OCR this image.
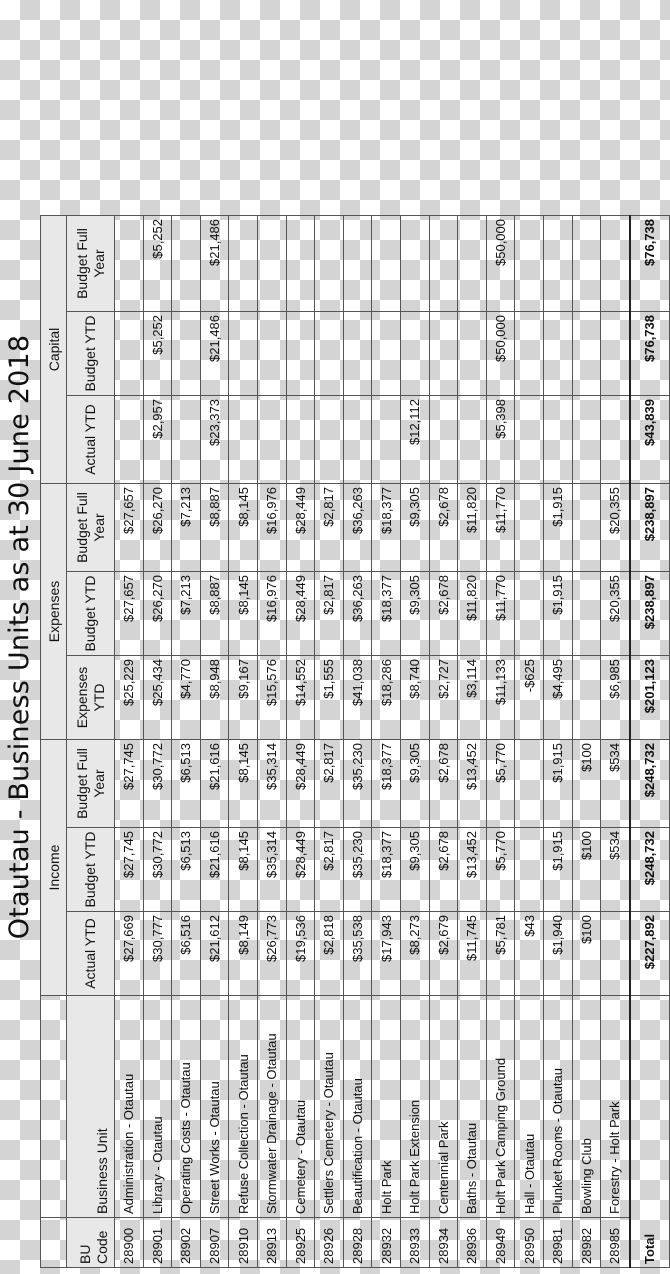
Otautau - Business Units as at 30 June 2018
		Income			Expenses			Capital		
BU Code	Business Unit	Actual YTD	Budget YTD	Budget Full Year	Expenses YTD	Budget YTD	Budget Full Year	Actual YTD	Budget YTD	Budget Full Year
28900	Administration - Otautau	$27,669	$27,745	$27,745	$25,229	$27,657	$27,657			
28901	Library - Otautau	$30,777	$30,772	$30,772	$25,434	$26,270	$26,270	$2,957	$5,252	$5,252
28902	Operating Costs - Otautau	$6,516	$6,513	$6,513	$4,770	$7,213	$7,213			
28907	Street Works - Otautau	$21,612	$21,616	$21,616	$8,948	$8,887	$8,887	$23,373	$21,486	$21,486
28910	Refuse Collection - Otautau	$8,149	$8,145	$8,145	$9,167	$8,145	$8,145			
28913	Stormwater Drainage - Otautau	$26,773	$35,314	$35,314	$15,576	$16,976	$16,976			
28925	Cemetery - Otautau	$19,536	$28,449	$28,449	$14,552	$28,449	$28,449			
28926	Settlers Cemetery - Otautau	$2,818	$2,817	$2,817	$1,555	$2,817	$2,817			
28928	Beautification - Otautau	$35,538	$35,230	$35,230	$41,038	$36,263	$36,263			
28932	Holt Park	$17,943	$18,377	$18,377	$18,286	$18,377	$18,377			
28933	Holt Park Extension	$8,273	$9,305	$9,305	$8,740	$9,305	$9,305	$12,112		
28934	Centennial Park	$2,679	$2,678	$2,678	$2,727	$2,678	$2,678			
28936	Baths - Otautau	$11,745	$13,452	$13,452	$3,114	$11,820	$11,820			
28949	Holt Park Camping Ground	$5,781	$5,770	$5,770	$11,133	$11,770	$11,770	$5,398	$50,000	$50,000
28950	Hall - Otautau	$43			-$625					
28981	Plunket Rooms - Otautau	$1,940	$1,915	$1,915	$4,495	$1,915	$1,915			
28982	Bowling Club	$100	$100	$100						
28985	Forestry - Holt Park		$534	$534	$6,985	$20,355	$20,355			
Total		$227,892	$248,732	$248,732	$201,123	$238,897	$238,897	$43,839	$76,738	$76,738
